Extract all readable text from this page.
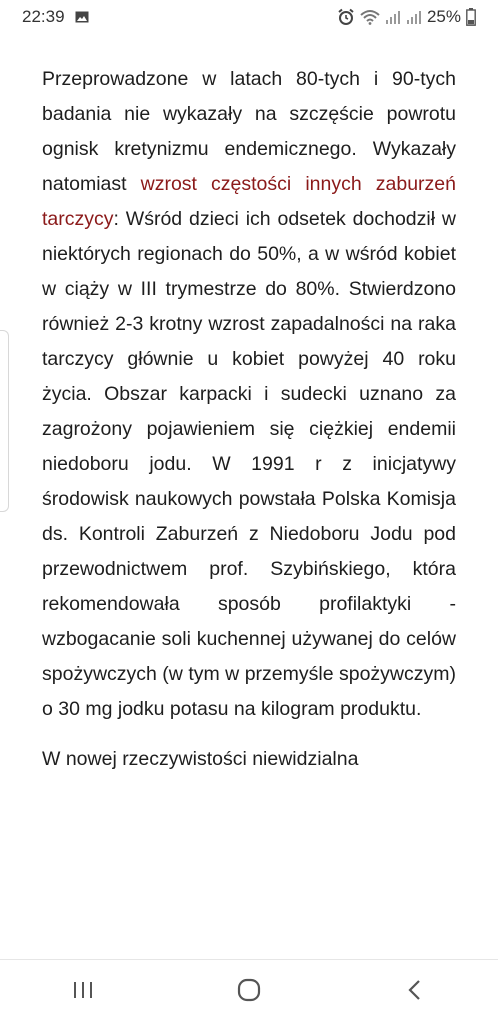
22:39	25%

Przeprowadzone w latach 80-tych i 90-tych badania nie wykazały na szczęście powrotu ognisk kretynizmu endemicznego. Wykazały natomiast wzrost częstości innych zaburzeń tarczycy: Wśród dzieci ich odsetek dochodził w niektórych regionach do 50%, a w wśród kobiet w ciąży w III trymestrze do 80%. Stwierdzono również 2-3 krotny wzrost zapadalności na raka tarczycy głównie u kobiet powyżej 40 roku życia. Obszar karpacki i sudecki uznano za zagrożony pojawieniem się ciężkiej endemii niedoboru jodu. W 1991 r z inicjatywy środowisk naukowych powstała Polska Komisja ds. Kontroli Zaburzeń z Niedoboru Jodu pod przewodnictwem prof. Szybińskiego, która rekomendowała sposób profilaktyki - wzbogacanie soli kuchennej używanej do celów spożywczych (w tym w przemyśle spożywczym) o 30 mg jodku potasu na kilogram produktu.

W nowej rzeczywistości niewidzialna
